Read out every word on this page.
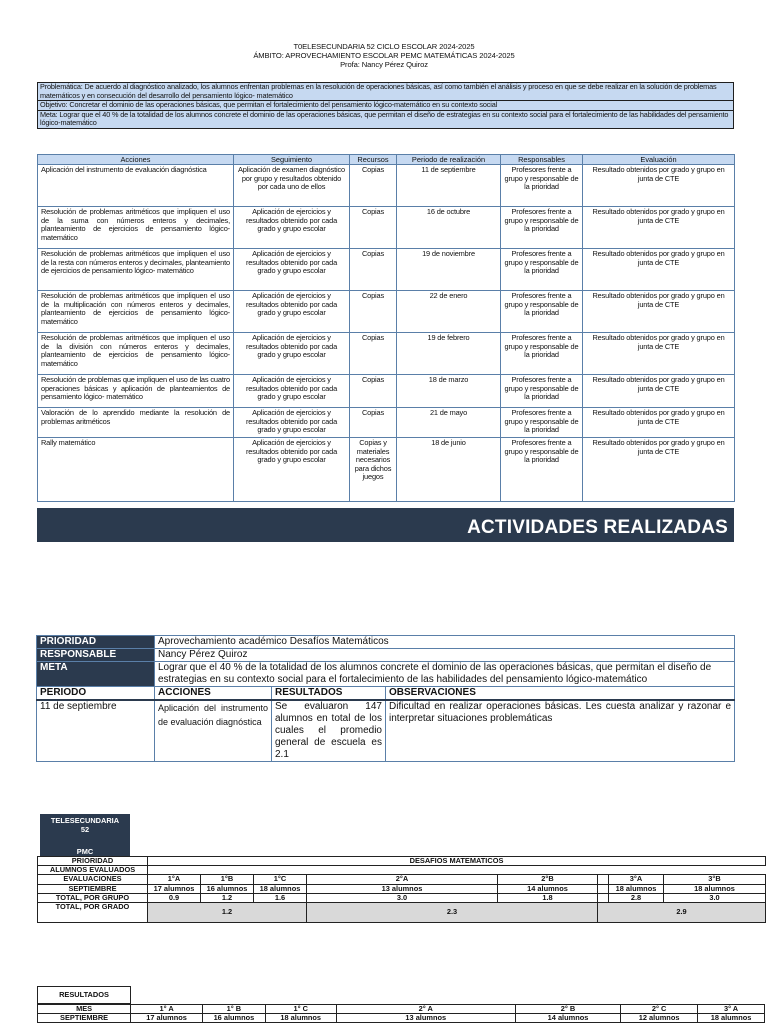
T0ELESECUNDARIA 52 CICLO ESCOLAR 2024-2025
ÁMBITO: APROVECHAMIENTO ESCOLAR PEMC MATEMÁTICAS 2024-2025
Profa: Nancy Pérez Quiroz
Problemática: De acuerdo al diagnóstico analizado, los alumnos enfrentan problemas en la resolución de operaciones básicas, así como también el análisis y proceso en que se debe realizar en la solución de problemas matemáticos y en consecución del desarrollo del pensamiento lógico- matemático
Objetivo: Concretar el dominio de las operaciones básicas, que permitan el fortalecimiento del pensamiento lógico-matemático en su contexto social
Meta: Lograr que el 40 % de la totalidad de los alumnos concrete el dominio de las operaciones básicas, que permitan el diseño de estrategias en su contexto social para el fortalecimiento de las habilidades del pensamiento lógico-matemático
Acciones	Seguimiento	Recursos	Periodo de realización	Responsables	Evaluación
Aplicación del instrumento de evaluación diagnóstica	Aplicación de examen diagnóstico por grupo y resultados obtenido por cada uno de ellos	Copias	11 de septiembre	Profesores frente a grupo y responsable de la prioridad	Resultado obtenidos por grado y grupo en junta de CTE
Resolución de problemas aritméticos que impliquen el uso de la suma con números enteros y decimales, planteamiento de ejercicios de pensamiento lógico- matemático	Aplicación de ejercicios y resultados obtenido por cada grado y grupo escolar	Copias	16 de octubre	Profesores frente a grupo y responsable de la prioridad	Resultado obtenidos por grado y grupo en junta de CTE
Resolución de problemas aritméticos que impliquen el uso de la resta con números enteros y decimales, planteamiento de ejercicios de pensamiento lógico- matemático	Aplicación de ejercicios y resultados obtenido por cada grado y grupo escolar	Copias	19 de noviembre	Profesores frente a grupo y responsable de la prioridad	Resultado obtenidos por grado y grupo en junta de CTE
Resolución de problemas aritméticos que impliquen el uso de la multiplicación con números enteros y decimales, planteamiento de ejercicios de pensamiento lógico- matemático	Aplicación de ejercicios y resultados obtenido por cada grado y grupo escolar	Copias	22 de enero	Profesores frente a grupo y responsable de la prioridad	Resultado obtenidos por grado y grupo en junta de CTE
Resolución de problemas aritméticos que impliquen el uso de la división con números enteros y decimales, planteamiento de ejercicios de pensamiento lógico- matemático	Aplicación de ejercicios y resultados obtenido por cada grado y grupo escolar	Copias	19 de febrero	Profesores frente a grupo y responsable de la prioridad	Resultado obtenidos por grado y grupo en junta de CTE
Resolución de problemas que impliquen el uso de las cuatro operaciones básicas y aplicación de planteamientos de pensamiento lógico- matemático	Aplicación de ejercicios y resultados obtenido por cada grado y grupo escolar	Copias	18 de marzo	Profesores frente a grupo y responsable de la prioridad	Resultado obtenidos por grado y grupo en junta de CTE
Valoración de lo aprendido mediante la resolución de problemas aritméticos	Aplicación de ejercicios y resultados obtenido por cada grado y grupo escolar	Copias	21 de mayo	Profesores frente a grupo y responsable de la prioridad	Resultado obtenidos por grado y grupo en junta de CTE
Rally matemático	Aplicación de ejercicios y resultados obtenido por cada grado y grupo escolar	Copias y materiales necesarios para dichos juegos	18 de junio	Profesores frente a grupo y responsable de la prioridad	Resultado obtenidos por grado y grupo en junta de CTE
ACTIVIDADES REALIZADAS
PRIORIDAD	Aprovechamiento académico Desafíos Matemáticos		
RESPONSABLE	Nancy Pérez Quiroz		
META	Lograr que el 40 % de la totalidad de los alumnos concrete el dominio de las operaciones básicas, que permitan el diseño de estrategias en su contexto social para el fortalecimiento de las habilidades del pensamiento lógico-matemático		
PERIODO	ACCIONES	RESULTADOS	OBSERVACIONES
11 de septiembre	Aplicación del instrumento de evaluación diagnóstica	Se evaluaron 147 alumnos en total de los cuales el promedio general de escuela es 2.1	Dificultad en realizar operaciones básicas. Les cuesta analizar y razonar e interpretar situaciones problemáticas
TELESECUNDARIA
52
PMC
PRIORIDAD	DESAFIOS MATEMATICOS							
ALUMNOS EVALUADOS								
EVALUACIONES	1°A	1°B	1°C	2°A	2°B		3°A	3°B
SEPTIEMBRE	17 alumnos	16 alumnos	18 alumnos	13 alumnos	14 alumnos		18 alumnos	18 alumnos
TOTAL, POR GRUPO	0.9	1.2	1.6	3.0	1.8		2.8	3.0
TOTAL, POR GRADO	1.2			2.3		2.9		
RESULTADOS
MES	1° A	1° B	1° C	2° A	2° B	2° C	3° A
SEPTIEMBRE	17 alumnos	16 alumnos	18 alumnos	13 alumnos	14 alumnos	12 alumnos	18 alumnos
